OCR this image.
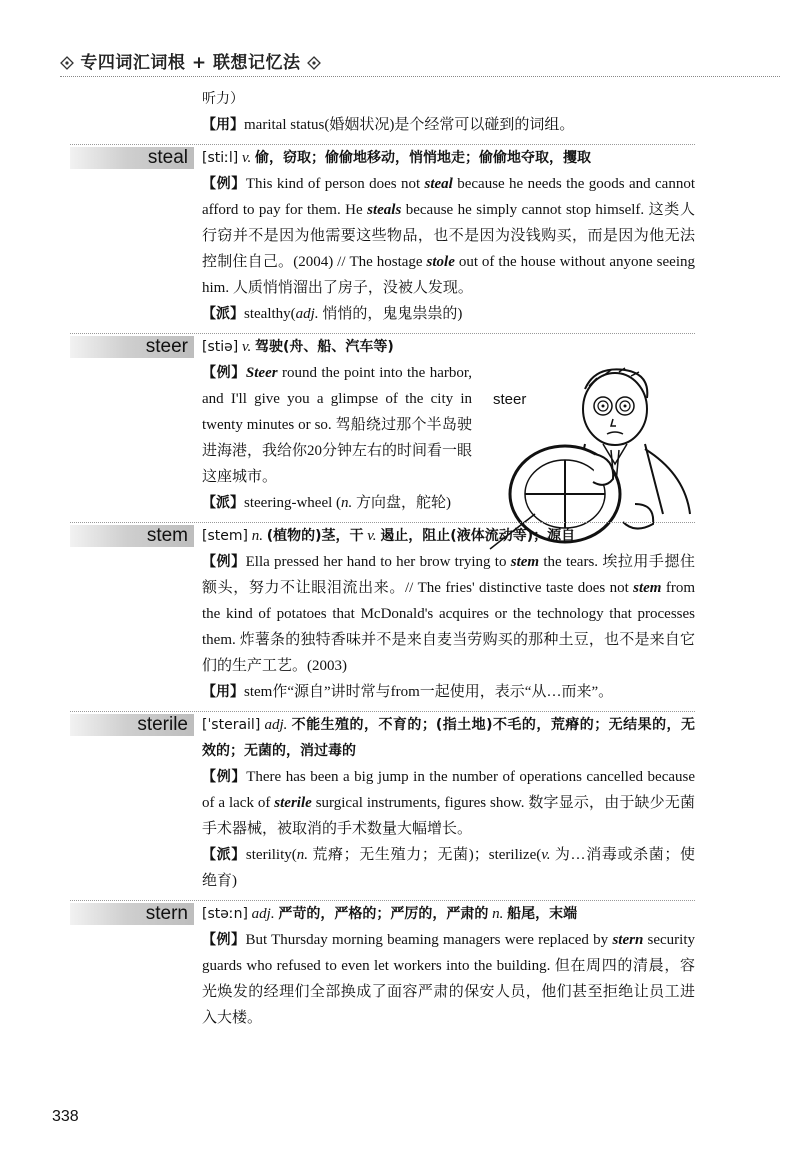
专四词汇词根 + 联想记忆法
听力）
【用】marital status(婚姻状况)是个经常可以碰到的词组。
steal [stiːl] v. 偷，窃取；偷偷地移动，悄悄地走；偷偷地夺取，攫取
【例】This kind of person does not steal because he needs the goods and cannot afford to pay for them. He steals because he simply cannot stop himself. 这类人行窃并不是因为他需要这些物品，也不是因为没钱购买，而是因为他无法控制住自己。(2004) // The hostage stole out of the house without anyone seeing him. 人质悄悄溜出了房子，没被人发现。
【派】stealthy(adj. 悄悄的，鬼鬼祟祟的)
steer [stiə] v. 驾驶(舟、船、汽车等)
【例】Steer round the point into the harbor, and I'll give you a glimpse of the city in twenty minutes or so. 驾船绕过那个半岛驶进海港，我给你20分钟左右的时间看一眼这座城市。
【派】steering-wheel (n. 方向盘，舵轮)
steer
stem [stem] n. (植物的)茎，干 v. 遏止，阻止(液体流动等)；源自
【例】Ella pressed her hand to her brow trying to stem the tears. 埃拉用手摁住额头，努力不让眼泪流出来。// The fries' distinctive taste does not stem from the kind of potatoes that McDonald's acquires or the technology that processes them. 炸薯条的独特香味并不是来自麦当劳购买的那种土豆，也不是来自它们的生产工艺。(2003)
【用】stem作“源自”讲时常与from一起使用，表示“从…而来”。
sterile [ˈsterail] adj. 不能生殖的，不育的；(指土地)不毛的，荒瘠的；无结果的，无效的；无菌的，消过毒的
【例】There has been a big jump in the number of operations cancelled because of a lack of sterile surgical instruments, figures show. 数字显示，由于缺少无菌手术器械，被取消的手术数量大幅增长。
【派】sterility(n. 荒瘠；无生殖力；无菌)；sterilize(v. 为…消毒或杀菌；使绝育)
stern [stəːn] adj. 严苛的，严格的；严厉的，严肃的 n. 船尾，末端
【例】But Thursday morning beaming managers were replaced by stern security guards who refused to even let workers into the building. 但在周四的清晨，容光焕发的经理们全部换成了面容严肃的保安人员，他们甚至拒绝让员工进入大楼。
338
